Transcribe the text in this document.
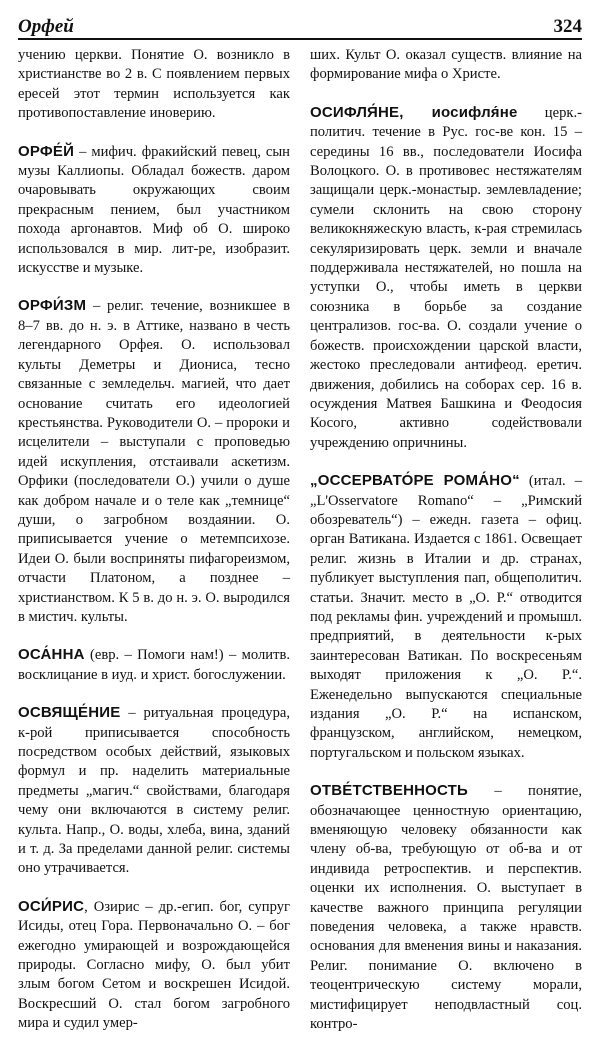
Орфей	324

учению церкви. Понятие О. возникло в христианстве во 2 в. С появлением первых ересей этот термин используется как противопоставление иноверию.

ОРФЕ́Й – мифич. фракийский певец, сын музы Каллиопы. Обладал божеств. даром очаровывать окружающих своим прекрасным пением, был участником похода аргонавтов. Миф об О. широко использовался в мир. лит-ре, изобразит. искусстве и музыке.

ОРФИ́ЗМ – религ. течение, возникшее в 8–7 вв. до н. э. в Аттике, названо в честь легендарного Орфея. О. использовал культы Деметры и Диониса, тесно связанные с земледельч. магией, что дает основание считать его идеологией крестьянства. Руководители О. – пророки и исцелители – выступали с проповедью идей искупления, отстаивали аскетизм. Орфики (последователи О.) учили о душе как добром начале и о теле как „темнице“ души, о загробном воздаянии. О. приписывается учение о метемпсихозе. Идеи О. были восприняты пифагореизмом, отчасти Платоном, а позднее – христианством. К 5 в. до н. э. О. выродился в мистич. культы.

ОСА́ННА (евр. – Помоги нам!) – молитв. восклицание в иуд. и христ. богослужении.

ОСВЯЩЕ́НИЕ – ритуальная процедура, к-рой приписывается способность посредством особых действий, языковых формул и пр. наделить материальные предметы „магич.“ свойствами, благодаря чему они включаются в систему религ. культа. Напр., О. воды, хлеба, вина, зданий и т. д. За пределами данной религ. системы оно утрачивается.

ОСИ́РИС, Озирис – др.-егип. бог, супруг Исиды, отец Гора. Первоначально О. – бог ежегодно умирающей и возрождающейся природы. Согласно мифу, О. был убит злым богом Сетом и воскрешен Исидой. Воскресший О. стал богом загробного мира и судил умер-

ших. Культ О. оказал существ. влияние на формирование мифа о Христе.

ОСИФЛЯ́НЕ, иосифля́не церк.-политич. течение в Рус. гос-ве кон. 15 – середины 16 вв., последователи Иосифа Волоцкого. О. в противовес нестяжателям защищали церк.-монастыр. землевладение; сумели склонить на свою сторону великокняжескую власть, к-рая стремилась секуляризировать церк. земли и вначале поддерживала нестяжателей, но пошла на уступки О., чтобы иметь в церкви союзника в борьбе за создание централизов. гос-ва. О. создали учение о божеств. происхождении царской власти, жестоко преследовали антифеод. еретич. движения, добились на соборах сер. 16 в. осуждения Матвея Башкина и Феодосия Косого, активно содействовали учреждению опричнины.

„ОССЕРВАТО́РЕ РОМА́НО“ (итал. – „L'Osservatore Romano“ – „Римский обозреватель“) – ежедн. газета – офиц. орган Ватикана. Издается с 1861. Освещает религ. жизнь в Италии и др. странах, публикует выступления пап, общеполитич. статьи. Значит. место в „О. Р.“ отводится под рекламы фин. учреждений и промышл. предприятий, в деятельности к-рых заинтересован Ватикан. По воскресеньям выходят приложения к „О. Р.“. Еженедельно выпускаются специальные издания „О. Р.“ на испанском, французском, английском, немецком, португальском и польском языках.

ОТВЕ́ТСТВЕННОСТЬ – понятие, обозначающее ценностную ориентацию, вменяющую человеку обязанности как члену об-ва, требующую от об-ва и от индивида ретроспектив. и перспектив. оценки их исполнения. О. выступает в качестве важного принципа регуляции поведения человека, а также нравств. основания для вменения вины и наказания. Религ. понимание О. включено в теоцентрическую систему морали, мистифицирует неподвластный соц. контро-
